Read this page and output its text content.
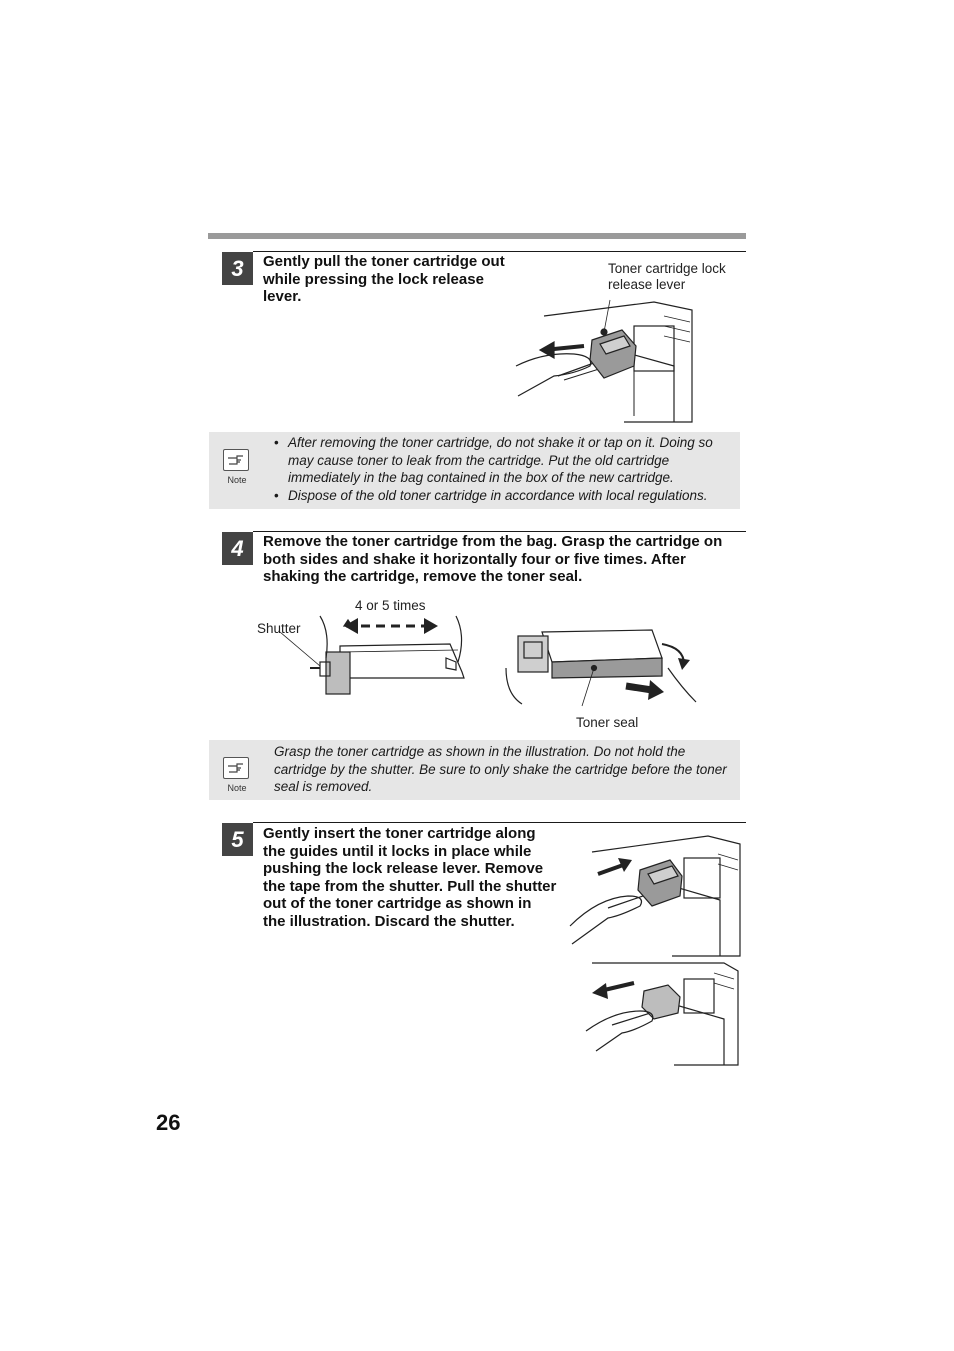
3	Gently pull the toner cartridge out while pressing the lock release lever.

Toner cartridge lock release lever
Note
• After removing the toner cartridge, do not shake it or tap on it. Doing so may cause toner to leak from the cartridge. Put the old cartridge immediately in the bag contained in the box of the new cartridge.
• Dispose of the old toner cartridge in accordance with local regulations.
4	Remove the toner cartridge from the bag. Grasp the cartridge on both sides and shake it horizontally four or five times. After shaking the cartridge, remove the toner seal.

4 or 5 times
Shutter
Toner seal
Note

Grasp the toner cartridge as shown in the illustration. Do not hold the cartridge by the shutter. Be sure to only shake the cartridge before the toner seal is removed.

5	Gently insert the toner cartridge along the guides until it locks in place while pushing the lock release lever. Remove the tape from the shutter. Pull the shutter out of the toner cartridge as shown in the illustration. Discard the shutter.

26
